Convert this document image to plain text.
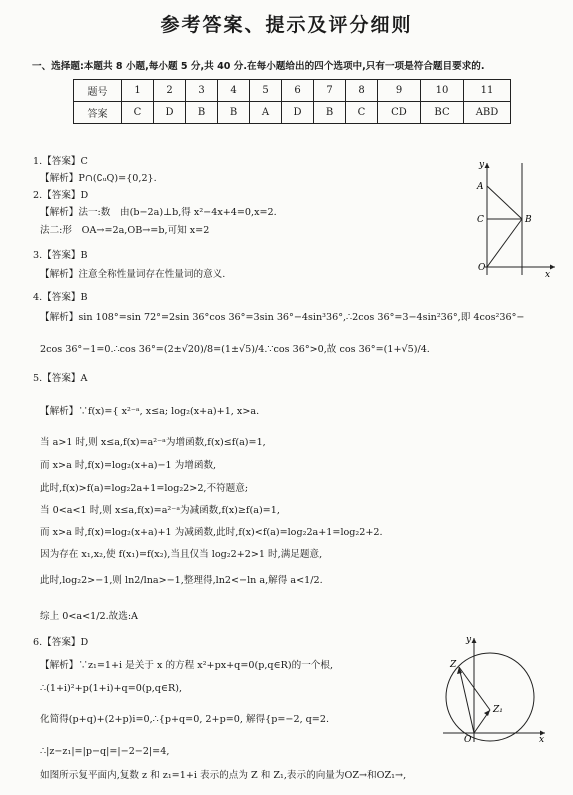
参考答案、提示及评分细则
一、选择题:本题共 8 小题,每小题 5 分,共 40 分.在每小题给出的四个选项中,只有一项是符合题目要求的.
题号	1	2	3	4	5	6	7	8	9	10	11
答案	C	D	B	B	A	D	B	C	CD	BC	ABD
1.【答案】C
【解析】P∩(∁ᵤQ)={0,2}.
2.【答案】D
【解析】法一:数　由(b−2a)⊥b,得 x²−4x+4=0,x=2.
法二:形　OA→=2a,OB→=b,可知 x=2
3.【答案】B
【解析】注意全称性量词存在性量词的意义.
4.【答案】B
【解析】sin 108°=sin 72°=2sin 36°cos 36°=3sin 36°−4sin³36°,∴2cos 36°=3−4sin²36°,即 4cos²36°−
2cos 36°−1=0.∴cos 36°=(2±√20)/8=(1±√5)/4.∵cos 36°>0,故 cos 36°=(1+√5)/4.
5.【答案】A
【解析】∵f(x)={ x²⁻ᵃ, x≤a; log₂(x+a)+1, x>a.
当 a>1 时,则 x≤a,f(x)=a²⁻ᵃ为增函数,f(x)≤f(a)=1,
而 x>a 时,f(x)=log₂(x+a)−1 为增函数,
此时,f(x)>f(a)=log₂2a+1=log₂2>2,不符题意;
当 0<a<1 时,则 x≤a,f(x)=a²⁻ᵃ为减函数,f(x)≥f(a)=1,
而 x>a 时,f(x)=log₂(x+a)+1 为减函数,此时,f(x)<f(a)=log₂2a+1=log₂2+2.
因为存在 x₁,x₂,使 f(x₁)=f(x₂),当且仅当 log₂2+2>1 时,满足题意,
此时,log₂2>−1,则 ln2/lna>−1,整理得,ln2<−ln a,解得 a<1/2.
综上 0<a<1/2.故选:A
6.【答案】D
【解析】∵z₁=1+i 是关于 x 的方程 x²+px+q=0(p,q∈R)的一个根,
∴(1+i)²+p(1+i)+q=0(p,q∈R),
化简得(p+q)+(2+p)i=0,∴{p+q=0, 2+p=0, 解得{p=−2, q=2.
∴|z−z₁|=|p−q|=|−2−2|=4,
如图所示复平面内,复数 z 和 z₁=1+i 表示的点为 Z 和 Z₁,表示的向量为OZ→和OZ₁→,
y
A
C	B
O
x
y
Z
Z₁
O	x
